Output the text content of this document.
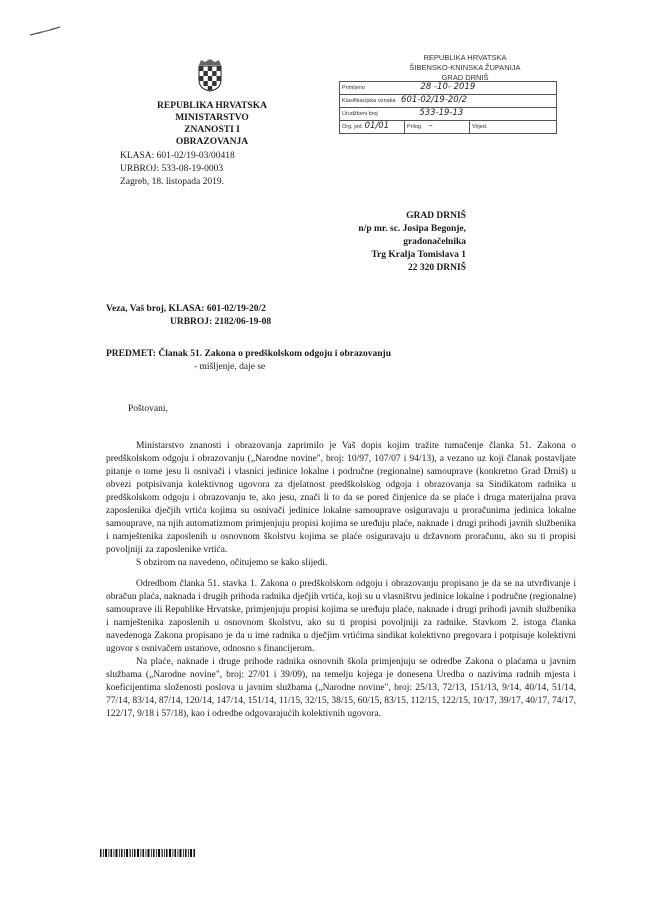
REPUBLIKA HRVATSKA
MINISTARSTVO ZNANOSTI I OBRAZOVANJA
KLASA: 601-02/19-03/00418
URBROJ: 533-08-19-0003
Zagreb, 18. listopada 2019.
REPUBLIKA HRVATSKA
ŠIBENSKO-KNINSKA ŽUPANIJA
GRAD DRNIŠ
Primljeno	28 -10- 2019
Klasifikacijska oznaka 601-02/19-20/2
Urudžbeni broj	533-19-13
Org. jed. 01/01	Prilog –	Vrijed.
GRAD DRNIŠ
n/p mr. sc. Josipa Begonje, gradonačelnika
Trg Kralja Tomislava 1
22 320 DRNIŠ
Veza, Vaš broj, KLASA: 601-02/19-20/2
URBROJ: 2182/06-19-08
PREDMET: Članak 51. Zakona o predškolskom odgoju i obrazovanju
- mišljenje, daje se
Poštovani,

Ministarstvo znanosti i obrazovanja zaprimilo je Vaš dopis kojim tražite tumačenje članka 51. Zakona o predškolskom odgoju i obrazovanju („Narodne novine", broj: 10/97, 107/07 i 94/13), a vezano uz koji članak postavljate pitanje o tome jesu li osnivači i vlasnici jedinice lokalne i područne (regionalne) samouprave (konkretno Grad Drniš) u obvezi potpisivanja kolektivnog ugovora za djelatnost predškolskog odgoja i obrazovanja sa Sindikatom radnika u predškolskom odgoju i obrazovanju te, ako jesu, znači li to da se pored činjenice da se plaće i druga materijalna prava zaposlenika dječjih vrtića kojima su osnivači jedinice lokalne samouprave osiguravaju u proračunima jedinica lokalne samouprave, na njih automatizmom primjenjuju propisi kojima se uređuju plaće, naknade i drugi prihodi javnih službenika i namještenika zaposlenih u osnovnom školstvu kojima se plaće osiguravaju u državnom proračunu, ako su ti propisi povoljniji za zaposlenike vrtića.

S obzirom na navedeno, očitujemo se kako slijedi.

Odredbom članka 51. stavka 1. Zakona o predškolskom odgoju i obrazovanju propisano je da se na utvrđivanje i obračun plaća, naknada i drugih prihoda radnika dječjih vrtića, koji su u vlasništvu jedinice lokalne i područne (regionalne) samouprave ili Republike Hrvatske, primjenjuju propisi kojima se uređuju plaće, naknade i drugi prihodi javnih službenika i namještenika zaposlenih u osnovnom školstvu, ako su ti propisi povoljniji za radnike. Stavkom 2. istoga članka navedenoga Zakona propisano je da u ime radnika u dječjim vrtićima sindikat kolektivno pregovara i potpisuje kolektivni ugovor s osnivačem ustanove, odnosno s financijerom.

Na plaće, naknade i druge prihode radnika osnovnih škola primjenjuju se odredbe Zakona o plaćama u javnim službama („Narodne novine", broj: 27/01 i 39/09), na temelju kojega je donesena Uredba o nazivima radnih mjesta i koeficijentima složenosti poslova u javnim službama („Narodne novine", broj: 25/13, 72/13, 151/13, 9/14, 40/14, 51/14, 77/14, 83/14, 87/14, 120/14, 147/14, 151/14, 11/15, 32/15, 38/15, 60/15, 83/15, 112/15, 122/15, 10/17, 39/17, 40/17, 74/17, 122/17, 9/18 i 57/18), kao i odredbe odgovarajućih kolektivnih ugovora.
